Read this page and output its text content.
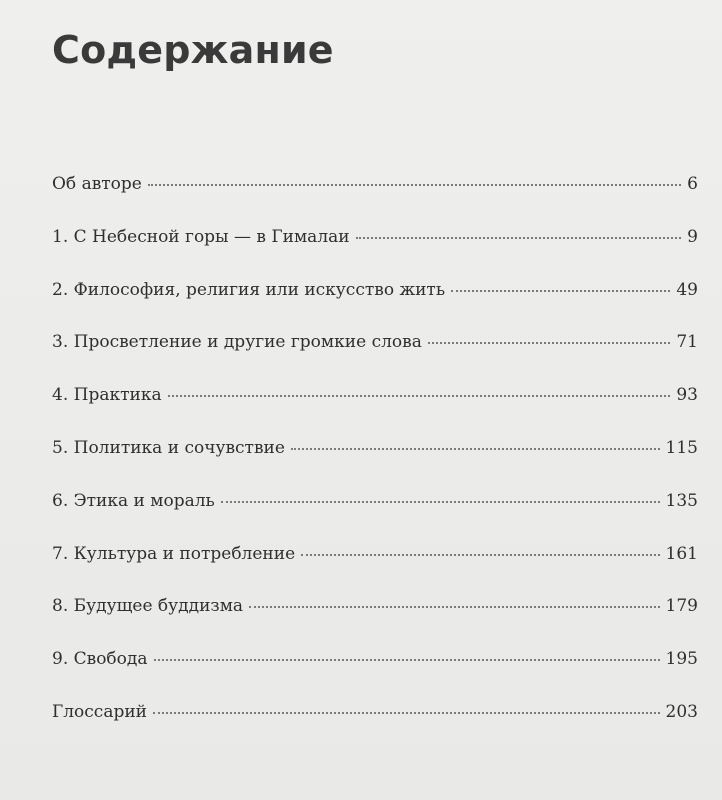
Содержание
Об авторе	6
1. С Небесной горы — в Гималаи	9
2. Философия, религия или искусство жить	49
3. Просветление и другие громкие слова	71
4. Практика	93
5. Политика и сочувствие	115
6. Этика и мораль	135
7. Культура и потребление	161
8. Будущее буддизма	179
9. Свобода	195
Глоссарий	203
